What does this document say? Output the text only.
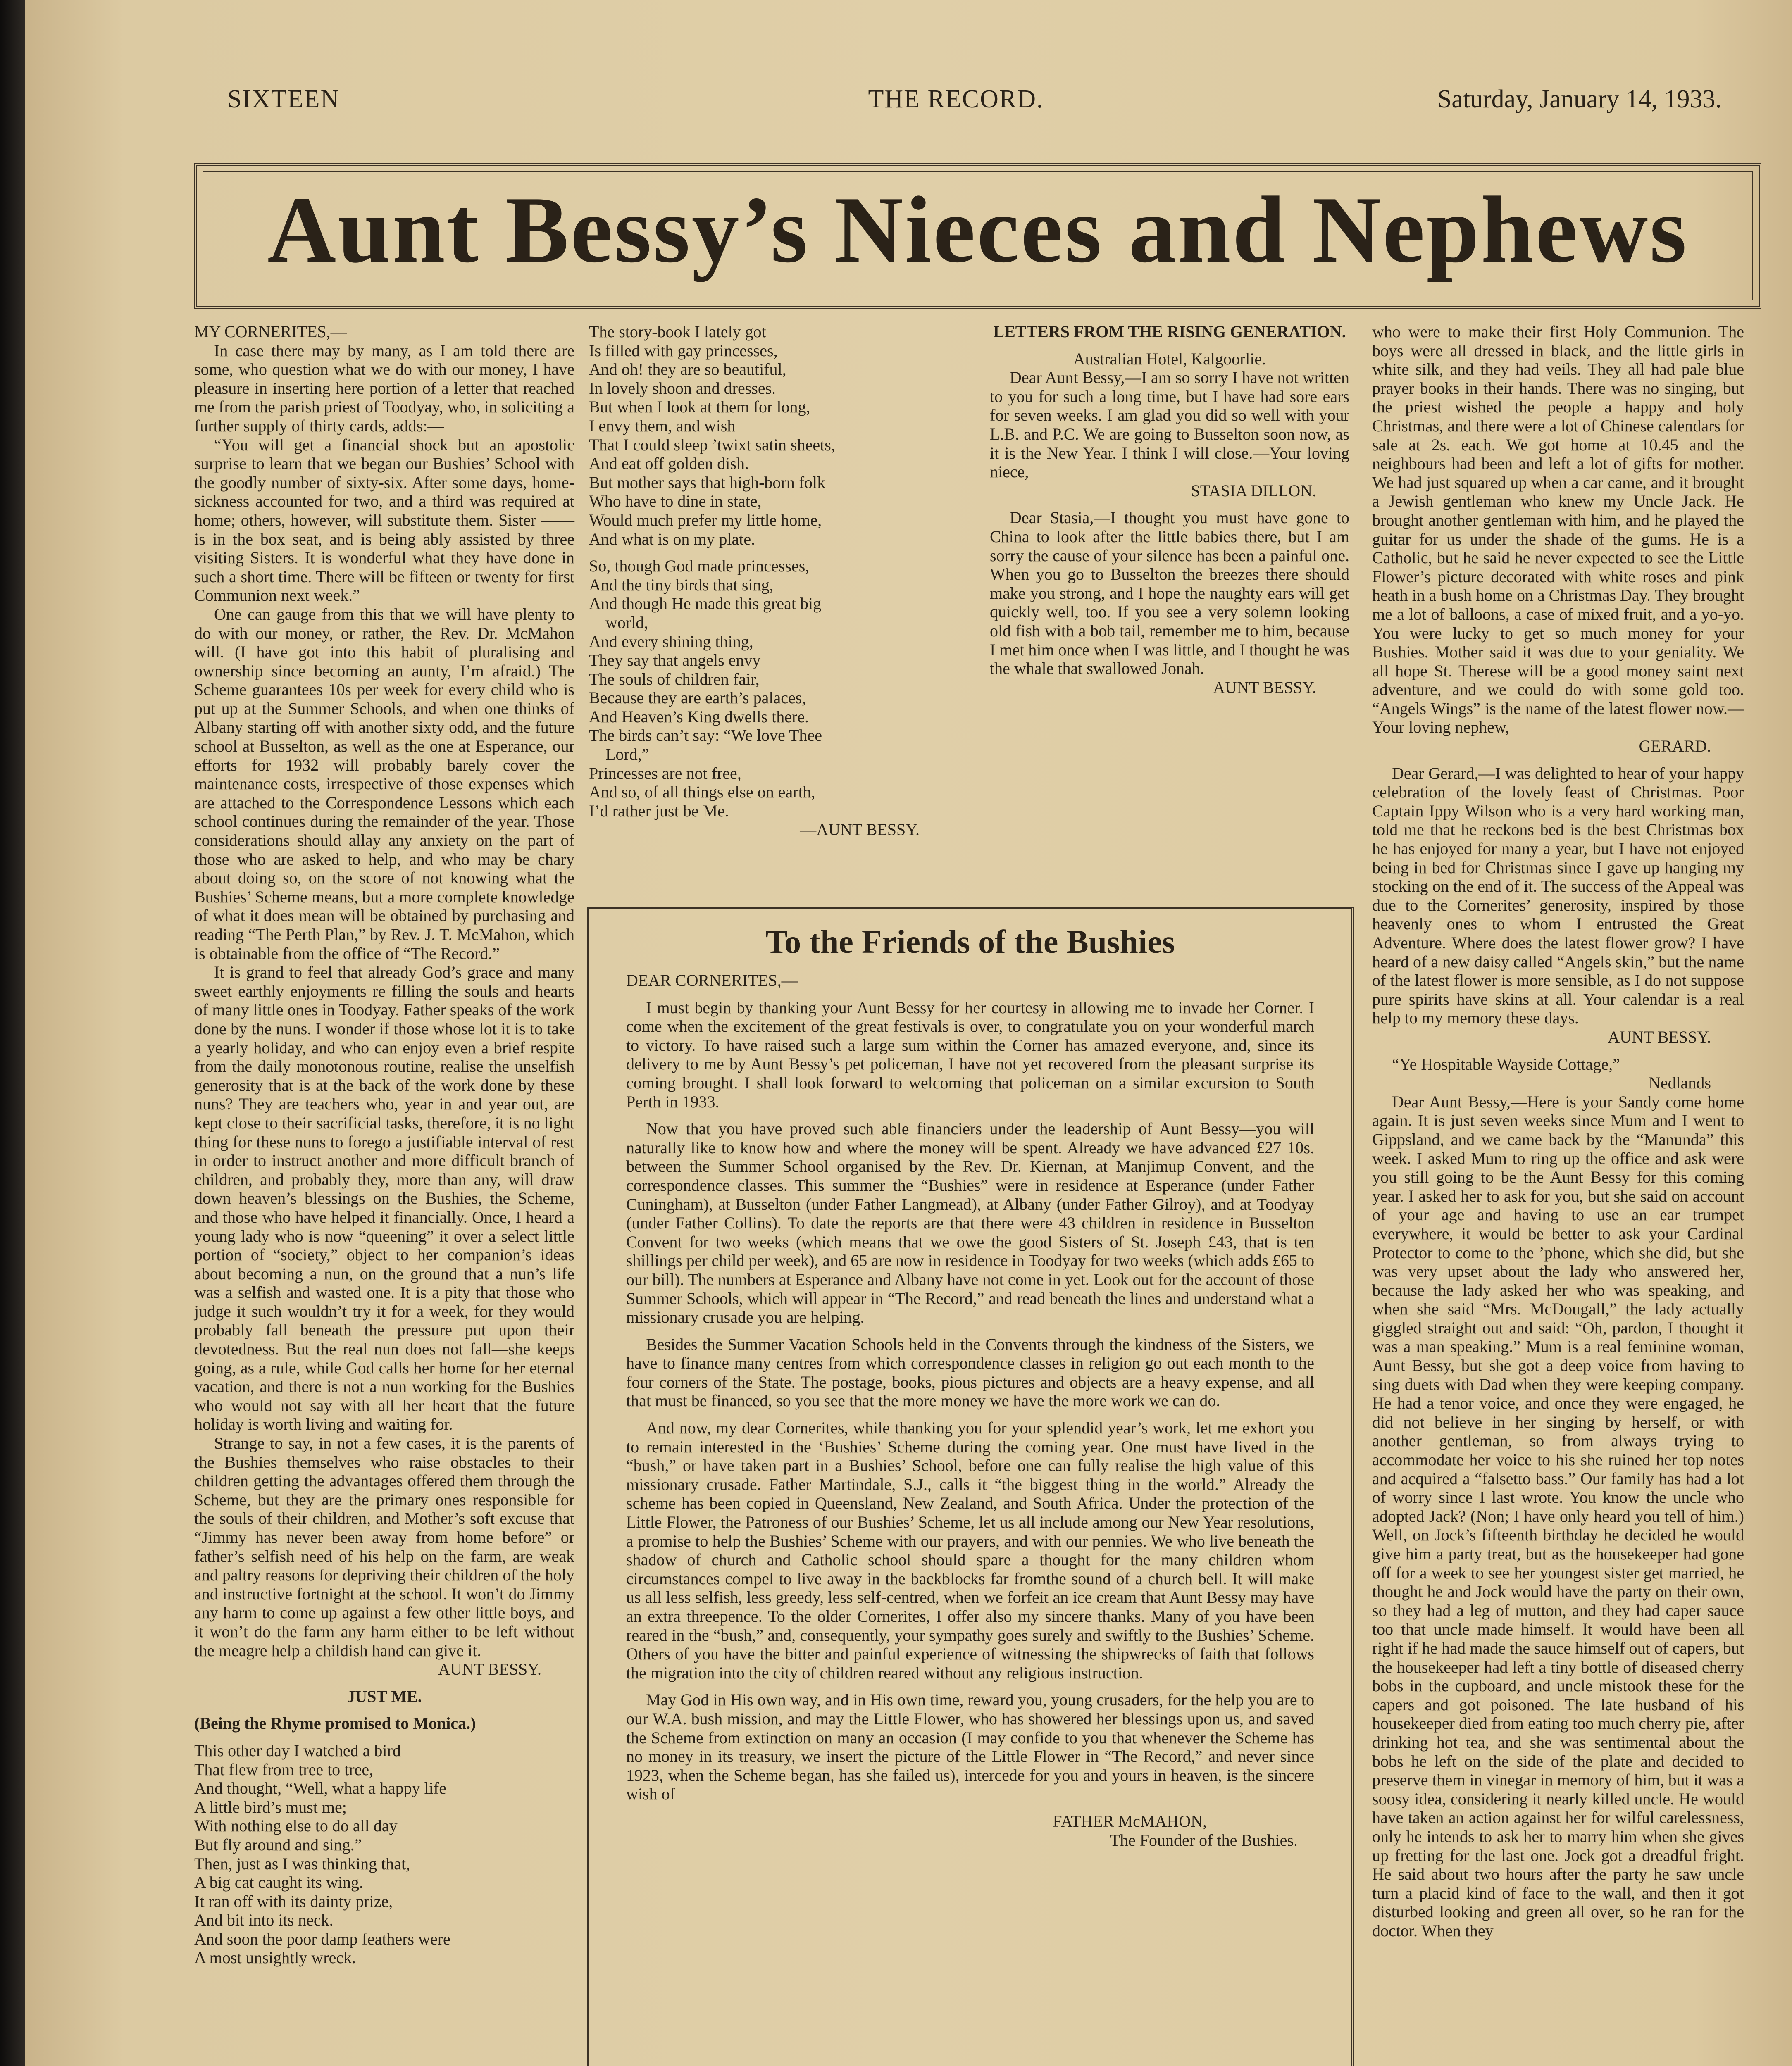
SIXTEEN	THE RECORD.	Saturday, January 14, 1933.
Aunt Bessy’s Nieces and Nephews

MY CORNERITES,—

In case there may by many, as I am told there are some, who question what we do with our money, I have pleasure in inserting here portion of a letter that reached me from the parish priest of Toodyay, who, in soliciting a further supply of thirty cards, adds:—

“You will get a financial shock but an apostolic surprise to learn that we began our Bushies’ School with the goodly number of sixty-six. After some days, home-sickness accounted for two, and a third was required at home; others, however, will substitute them. Sister —— is in the box seat, and is being ably assisted by three visiting Sisters. It is wonderful what they have done in such a short time. There will be fifteen or twenty for first Communion next week.”

One can gauge from this that we will have plenty to do with our money, or rather, the Rev. Dr. McMahon will. (I have got into this habit of pluralising and ownership since becoming an aunty, I’m afraid.) The Scheme guarantees 10s per week for every child who is put up at the Summer Schools, and when one thinks of Albany starting off with another sixty odd, and the future school at Busselton, as well as the one at Esperance, our efforts for 1932 will probably barely cover the maintenance costs, irrespective of those expenses which are attached to the Correspondence Lessons which each school continues during the remainder of the year. Those considerations should allay any anxiety on the part of those who are asked to help, and who may be chary about doing so, on the score of not knowing what the Bushies’ Scheme means, but a more complete knowledge of what it does mean will be obtained by purchasing and reading “The Perth Plan,” by Rev. J. T. McMahon, which is obtainable from the office of “The Record.”

It is grand to feel that already God’s grace and many sweet earthly enjoyments re filling the souls and hearts of many little ones in Toodyay. Father speaks of the work done by the nuns. I wonder if those whose lot it is to take a yearly holiday, and who can enjoy even a brief respite from the daily monotonous routine, realise the unselfish generosity that is at the back of the work done by these nuns? They are teachers who, year in and year out, are kept close to their sacrificial tasks, therefore, it is no light thing for these nuns to forego a justifiable interval of rest in order to instruct another and more difficult branch of children, and probably they, more than any, will draw down heaven’s blessings on the Bushies, the Scheme, and those who have helped it financially. Once, I heard a young lady who is now “queening” it over a select little portion of “society,” object to her companion’s ideas about becoming a nun, on the ground that a nun’s life was a selfish and wasted one. It is a pity that those who judge it such wouldn’t try it for a week, for they would probably fall beneath the pressure put upon their devotedness. But the real nun does not fall—she keeps going, as a rule, while God calls her home for her eternal vacation, and there is not a nun working for the Bushies who would not say with all her heart that the future holiday is worth living and waiting for.

Strange to say, in not a few cases, it is the parents of the Bushies themselves who raise obstacles to their children getting the advantages offered them through the Scheme, but they are the primary ones responsible for the souls of their children, and Mother’s soft excuse that “Jimmy has never been away from home before” or father’s selfish need of his help on the farm, are weak and paltry reasons for depriving their children of the holy and instructive fortnight at the school. It won’t do Jimmy any harm to come up against a few other little boys, and it won’t do the farm any harm either to be left without the meagre help a childish hand can give it.

AUNT BESSY.

JUST ME.

(Being the Rhyme promised to Monica.)

This other day I watched a bird

That flew from tree to tree,

And thought, “Well, what a happy life

A little bird’s must me;

With nothing else to do all day

But fly around and sing.”

Then, just as I was thinking that,

A big cat caught its wing.

It ran off with its dainty prize,

And bit into its neck.

And soon the poor damp feathers were

A most unsightly wreck.

The story-book I lately got

Is filled with gay princesses,

And oh! they are so beautiful,

In lovely shoon and dresses.

But when I look at them for long,

I envy them, and wish

That I could sleep ’twixt satin sheets,

And eat off golden dish.

But mother says that high-born folk

Who have to dine in state,

Would much prefer my little home,

And what is on my plate.

So, though God made princesses,

And the tiny birds that sing,

And though He made this great big

world,

And every shining thing,

They say that angels envy

The souls of children fair,

Because they are earth’s palaces,

And Heaven’s King dwells there.

The birds can’t say: “We love Thee

Lord,”

Princesses are not free,

And so, of all things else on earth,

I’d rather just be Me.

—AUNT BESSY.

LETTERS FROM THE RISING GENERATION.

Australian Hotel, Kalgoorlie.

Dear Aunt Bessy,—I am so sorry I have not written to you for such a long time, but I have had sore ears for seven weeks. I am glad you did so well with your L.B. and P.C. We are going to Busselton soon now, as it is the New Year. I think I will close.—Your loving niece,

STASIA DILLON.

Dear Stasia,—I thought you must have gone to China to look after the little babies there, but I am sorry the cause of your silence has been a painful one. When you go to Busselton the breezes there should make you strong, and I hope the naughty ears will get quickly well, too. If you see a very solemn looking old fish with a bob tail, remember me to him, because I met him once when I was little, and I thought he was the whale that swallowed Jonah.

AUNT BESSY.

who were to make their first Holy Communion. The boys were all dressed in black, and the little girls in white silk, and they had veils. They all had pale blue prayer books in their hands. There was no singing, but the priest wished the people a happy and holy Christmas, and there were a lot of Chinese calendars for sale at 2s. each. We got home at 10.45 and the neighbours had been and left a lot of gifts for mother. We had just squared up when a car came, and it brought a Jewish gentleman who knew my Uncle Jack. He brought another gentleman with him, and he played the guitar for us under the shade of the gums. He is a Catholic, but he said he never expected to see the Little Flower’s picture decorated with white roses and pink heath in a bush home on a Christmas Day. They brought me a lot of balloons, a case of mixed fruit, and a yo-yo. You were lucky to get so much money for your Bushies. Mother said it was due to your geniality. We all hope St. Therese will be a good money saint next adventure, and we could do with some gold too. “Angels Wings” is the name of the latest flower now.—Your loving nephew,

GERARD.

Dear Gerard,—I was delighted to hear of your happy celebration of the lovely feast of Christmas. Poor Captain Ippy Wilson who is a very hard working man, told me that he reckons bed is the best Christmas box he has enjoyed for many a year, but I have not enjoyed being in bed for Christmas since I gave up hanging my stocking on the end of it. The success of the Appeal was due to the Cornerites’ generosity, inspired by those heavenly ones to whom I entrusted the Great Adventure. Where does the latest flower grow? I have heard of a new daisy called “Angels skin,” but the name of the latest flower is more sensible, as I do not suppose pure spirits have skins at all. Your calendar is a real help to my memory these days.

AUNT BESSY.

“Ye Hospitable Wayside Cottage,”

Nedlands

Dear Aunt Bessy,—Here is your Sandy come home again. It is just seven weeks since Mum and I went to Gippsland, and we came back by the “Manunda” this week. I asked Mum to ring up the office and ask were you still going to be the Aunt Bessy for this coming year. I asked her to ask for you, but she said on account of your age and having to use an ear trumpet everywhere, it would be better to ask your Cardinal Protector to come to the ’phone, which she did, but she was very upset about the lady who answered her, because the lady asked her who was speaking, and when she said “Mrs. McDougall,” the lady actually giggled straight out and said: “Oh, pardon, I thought it was a man speaking.” Mum is a real feminine woman, Aunt Bessy, but she got a deep voice from having to sing duets with Dad when they were keeping company. He had a tenor voice, and once they were engaged, he did not believe in her singing by herself, or with another gentleman, so from always trying to accommodate her voice to his she ruined her top notes and acquired a “falsetto bass.” Our family has had a lot of worry since I last wrote. You know the uncle who adopted Jack? (Non; I have only heard you tell of him.) Well, on Jock’s fifteenth birthday he decided he would give him a party treat, but as the housekeeper had gone off for a week to see her youngest sister get married, he thought he and Jock would have the party on their own, so they had a leg of mutton, and they had caper sauce too that uncle made himself. It would have been all right if he had made the sauce himself out of capers, but the housekeeper had left a tiny bottle of diseased cherry bobs in the cupboard, and uncle mistook these for the capers and got poisoned. The late husband of his housekeeper died from eating too much cherry pie, after drinking hot tea, and she was sentimental about the bobs he left on the side of the plate and decided to preserve them in vinegar in memory of him, but it was a soosy idea, considering it nearly killed uncle. He would have taken an action against her for wilful carelessness, only he intends to ask her to marry him when she gives up fretting for the last one. Jock got a dreadful fright. He said about two hours after the party he saw uncle turn a placid kind of face to the wall, and then it got disturbed looking and green all over, so he ran for the doctor. When they

To the Friends of the Bushies

DEAR CORNERITES,—

I must begin by thanking your Aunt Bessy for her courtesy in allowing me to invade her Corner. I come when the excitement of the great festivals is over, to congratulate you on your wonderful march to victory. To have raised such a large sum within the Corner has amazed everyone, and, since its delivery to me by Aunt Bessy’s pet policeman, I have not yet recovered from the pleasant surprise its coming brought. I shall look forward to welcoming that policeman on a similar excursion to South Perth in 1933.

Now that you have proved such able financiers under the leadership of Aunt Bessy—you will naturally like to know how and where the money will be spent. Already we have advanced £27 10s. between the Summer School organised by the Rev. Dr. Kiernan, at Manjimup Convent, and the correspondence classes. This summer the “Bushies” were in residence at Esperance (under Father Cuningham), at Busselton (under Father Langmead), at Albany (under Father Gilroy), and at Toodyay (under Father Collins). To date the reports are that there were 43 children in residence in Busselton Convent for two weeks (which means that we owe the good Sisters of St. Joseph £43, that is ten shillings per child per week), and 65 are now in residence in Toodyay for two weeks (which adds £65 to our bill). The numbers at Esperance and Albany have not come in yet. Look out for the account of those Summer Schools, which will appear in “The Record,” and read beneath the lines and understand what a missionary crusade you are helping.

Besides the Summer Vacation Schools held in the Convents through the kindness of the Sisters, we have to finance many centres from which correspondence classes in religion go out each month to the four corners of the State. The postage, books, pious pictures and objects are a heavy expense, and all that must be financed, so you see that the more money we have the more work we can do.

And now, my dear Cornerites, while thanking you for your splendid year’s work, let me exhort you to remain interested in the ‘Bushies’ Scheme during the coming year. One must have lived in the “bush,” or have taken part in a Bushies’ School, before one can fully realise the high value of this missionary crusade. Father Martindale, S.J., calls it “the biggest thing in the world.” Already the scheme has been copied in Queensland, New Zealand, and South Africa. Under the protection of the Little Flower, the Patroness of our Bushies’ Scheme, let us all include among our New Year resolutions, a promise to help the Bushies’ Scheme with our prayers, and with our pennies. We who live beneath the shadow of church and Catholic school should spare a thought for the many children whom circumstances compel to live away in the backblocks far fromthe sound of a church bell. It will make us all less selfish, less greedy, less self-centred, when we forfeit an ice cream that Aunt Bessy may have an extra threepence. To the older Cornerites, I offer also my sincere thanks. Many of you have been reared in the “bush,” and, consequently, your sympathy goes surely and swiftly to the Bushies’ Scheme. Others of you have the bitter and painful experience of witnessing the shipwrecks of faith that follows the migration into the city of children reared without any religious instruction.

May God in His own way, and in His own time, reward you, young crusaders, for the help you are to our W.A. bush mission, and may the Little Flower, who has showered her blessings upon us, and saved the Scheme from extinction on many an occasion (I may confide to you that whenever the Scheme has no money in its treasury, we insert the picture of the Little Flower in “The Record,” and never since 1923, when the Scheme began, has she failed us), intercede for you and yours in heaven, is the sincere wish of

FATHER McMAHON,

The Founder of the Bushies.
